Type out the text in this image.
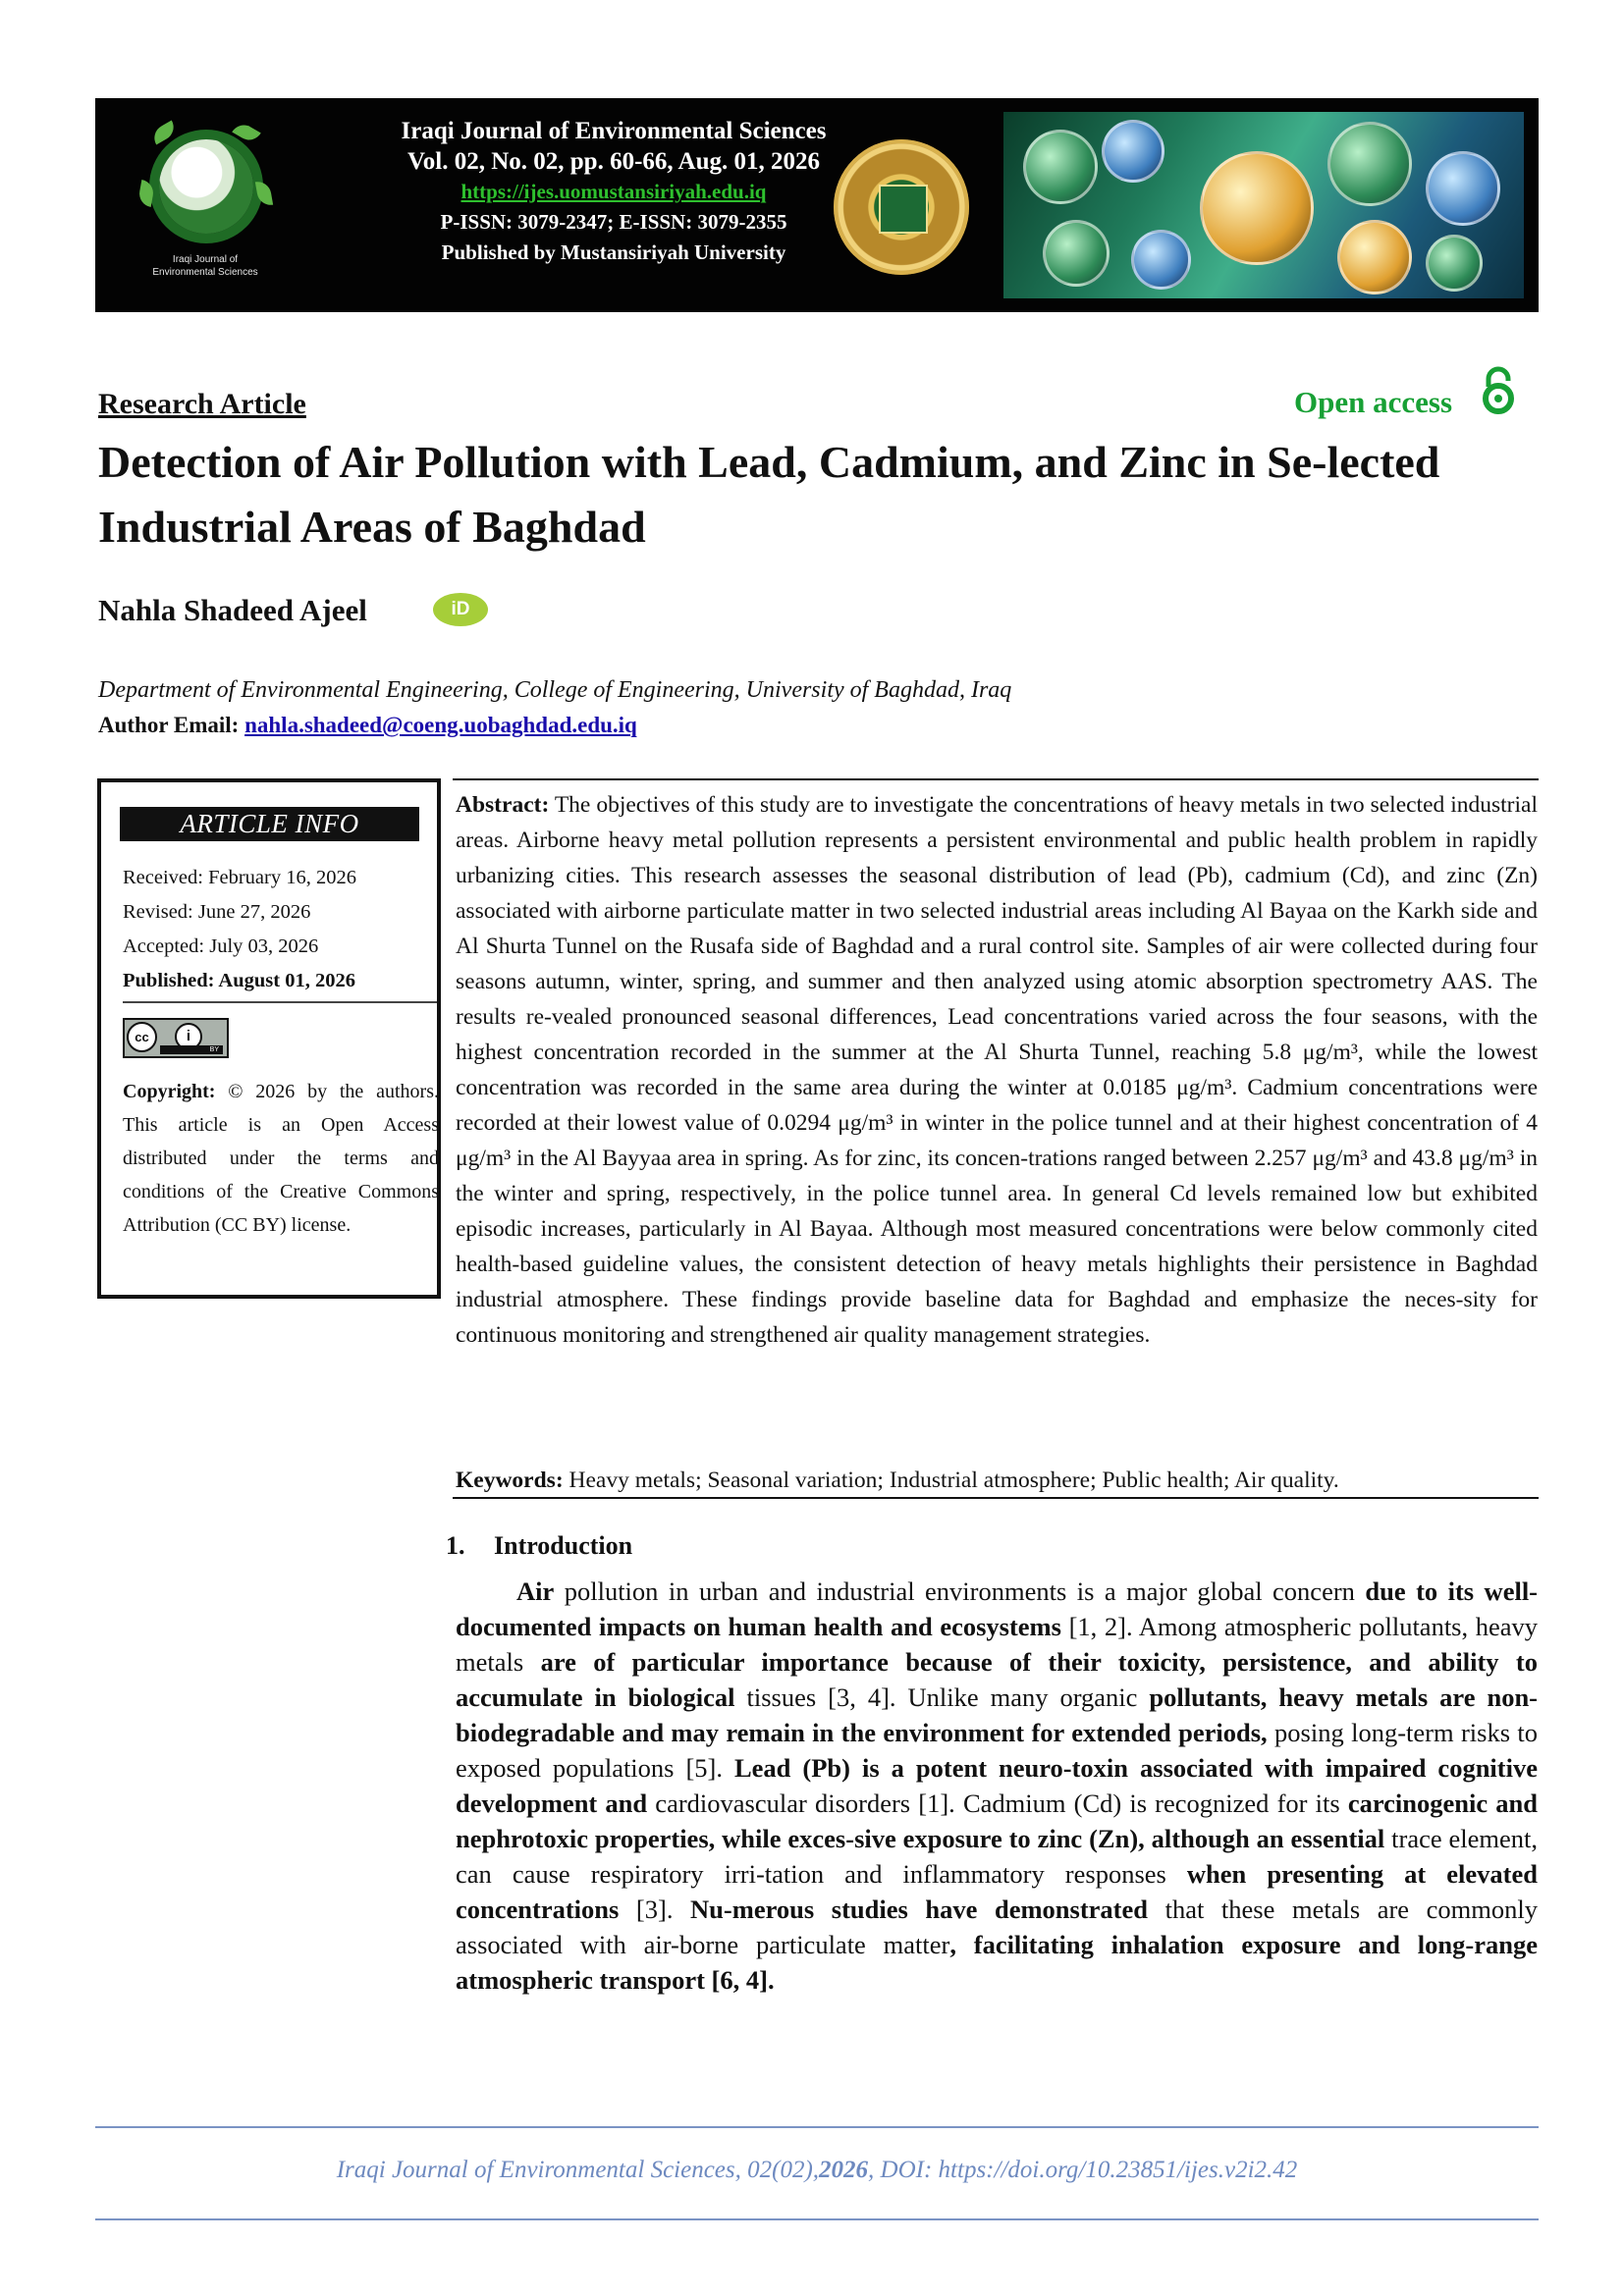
Iraqi Journal of
Environmental Sciences
Iraqi Journal of Environmental Sciences
Vol. 02, No. 02, pp. 60-66, Aug. 01, 2026
https://ijes.uomustansiriyah.edu.iq
P-ISSN: 3079-2347; E-ISSN: 3079-2355
Published by Mustansiriyah University
Research Article	Open access
Detection of Air Pollution with Lead, Cadmium, and Zinc in Se-lected Industrial Areas of Baghdad
Nahla Shadeed Ajeel	iD
Department of Environmental Engineering, College of Engineering, University of Baghdad, Iraq
Author Email: nahla.shadeed@coeng.uobaghdad.edu.iq
ARTICLE INFO
Received: February 16, 2026
Revised: June 27, 2026
Accepted: July 03, 2026
Published: August 01, 2026
cc	i
BY
Copyright: © 2026 by the authors. This article is an Open Access distributed under the terms and conditions of the Creative Commons Attribution (CC BY) license.
Abstract: The objectives of this study are to investigate the concentrations of heavy metals in two selected industrial areas. Airborne heavy metal pollution represents a persistent environmental and public health problem in rapidly urbanizing cities. This research assesses the seasonal distribution of lead (Pb), cadmium (Cd), and zinc (Zn) associated with airborne particulate matter in two selected industrial areas including Al Bayaa on the Karkh side and Al Shurta Tunnel on the Rusafa side of Baghdad and a rural control site. Samples of air were collected during four seasons autumn, winter, spring, and summer and then analyzed using atomic absorption spectrometry AAS. The results re-vealed pronounced seasonal differences, Lead concentrations varied across the four seasons, with the highest concentration recorded in the summer at the Al Shurta Tunnel, reaching 5.8 μg/m³, while the lowest concentration was recorded in the same area during the winter at 0.0185 μg/m³. Cadmium concentrations were recorded at their lowest value of 0.0294 μg/m³ in winter in the police tunnel and at their highest concentration of 4 μg/m³ in the Al Bayyaa area in spring. As for zinc, its concen-trations ranged between 2.257 μg/m³ and 43.8 μg/m³ in the winter and spring, respectively, in the police tunnel area. In general Cd levels remained low but exhibited episodic increases, particularly in Al Bayaa. Although most measured concentrations were below commonly cited health-based guideline values, the consistent detection of heavy metals highlights their persistence in Baghdad industrial atmosphere. These findings provide baseline data for Baghdad and emphasize the neces-sity for continuous monitoring and strengthened air quality management strategies.
Keywords: Heavy metals; Seasonal variation; Industrial atmosphere; Public health; Air quality.
1. Introduction
Air pollution in urban and industrial environments is a major global concern due to its well-documented impacts on human health and ecosystems [1, 2]. Among atmospheric pollutants, heavy metals are of particular importance because of their toxicity, persistence, and ability to accumulate in biological tissues [3, 4]. Unlike many organic pollutants, heavy metals are non-biodegradable and may remain in the environment for extended periods, posing long-term risks to exposed populations [5]. Lead (Pb) is a potent neuro-toxin associated with impaired cognitive development and cardiovascular disorders [1]. Cadmium (Cd) is recognized for its carcinogenic and nephrotoxic properties, while exces-sive exposure to zinc (Zn), although an essential trace element, can cause respiratory irri-tation and inflammatory responses when presenting at elevated concentrations [3]. Nu-merous studies have demonstrated that these metals are commonly associated with air-borne particulate matter, facilitating inhalation exposure and long-range atmospheric transport [6, 4].
Iraqi Journal of Environmental Sciences, 02(02),2026, DOI: https://doi.org/10.23851/ijes.v2i2.42
